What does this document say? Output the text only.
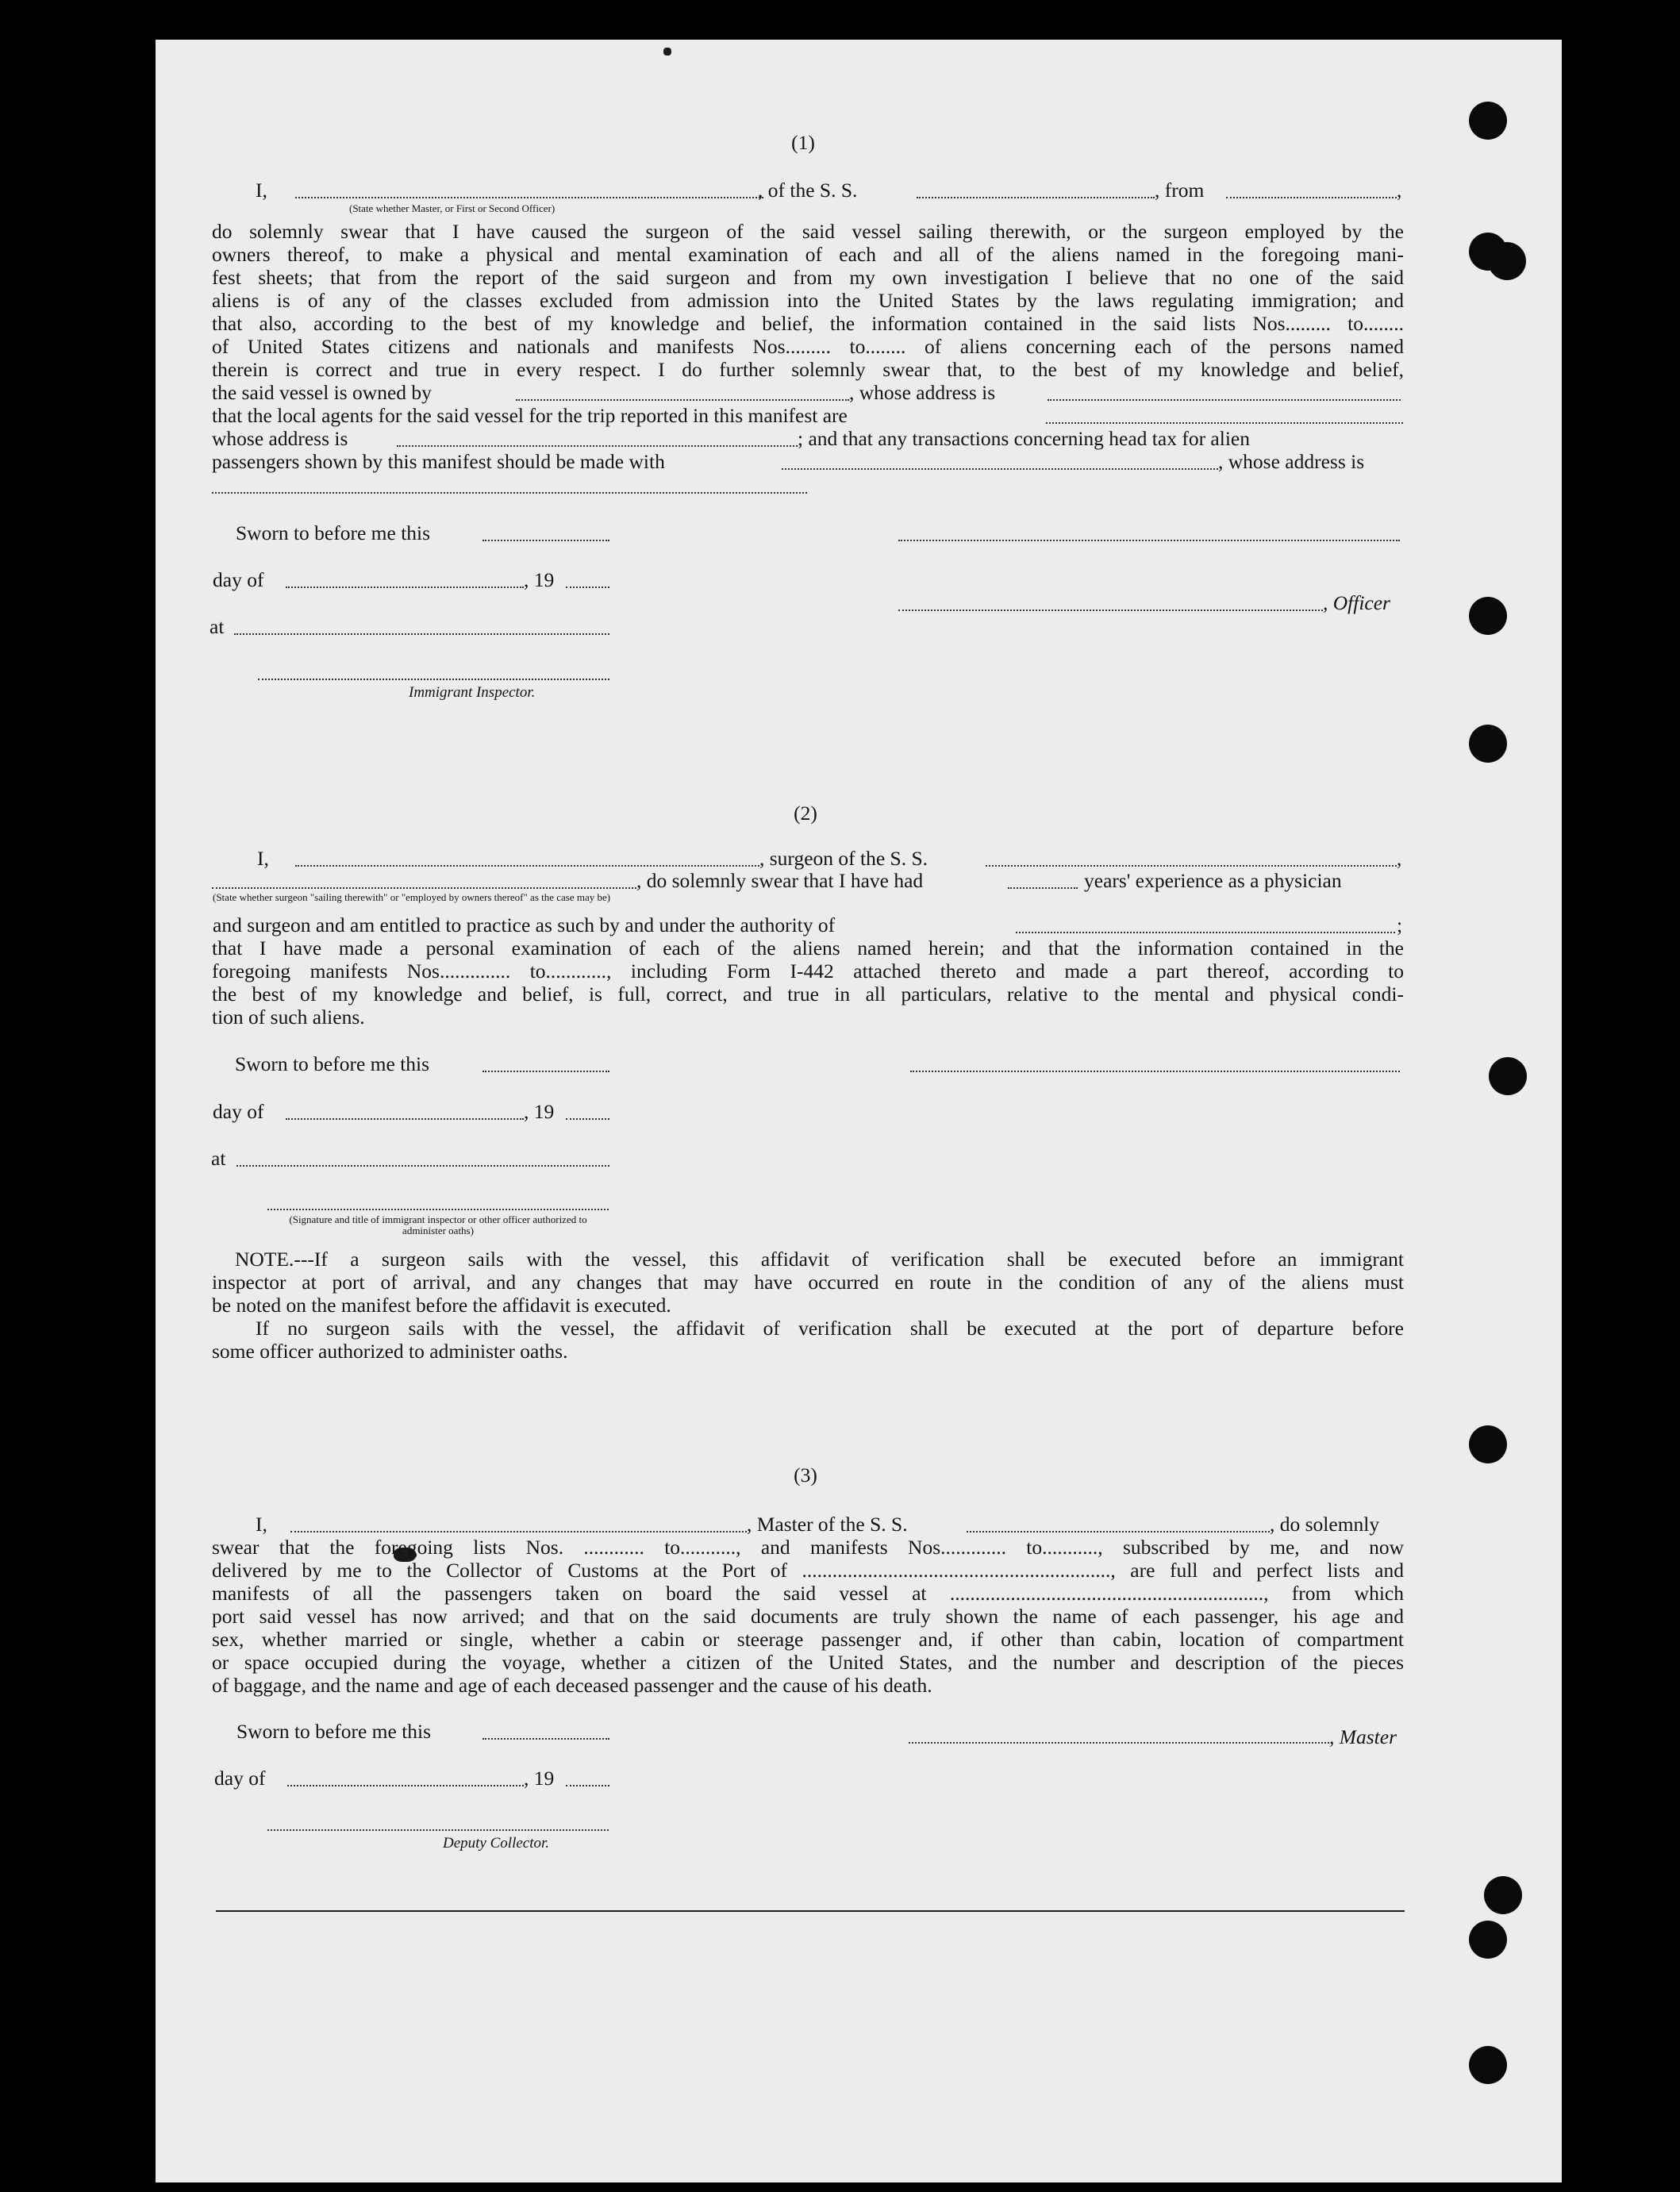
(1)
I,	, of the S. S.	, from	,
(State whether Master, or First or Second Officer)
do solemnly swear that I have caused the surgeon of the said vessel sailing therewith, or the surgeon employed by the
owners thereof, to make a physical and mental examination of each and all of the aliens named in the foregoing mani-
fest sheets; that from the report of the said surgeon and from my own investigation I believe that no one of the said
aliens is of any of the classes excluded from admission into the United States by the laws regulating immigration; and
that also, according to the best of my knowledge and belief, the information contained in the said lists Nos......... to........
of United States citizens and nationals and manifests Nos......... to........ of aliens concerning each of the persons named
therein is correct and true in every respect. I do further solemnly swear that, to the best of my knowledge and belief,
the said vessel is owned by	, whose address is
that the local agents for the said vessel for the trip reported in this manifest are
whose address is	; and that any transactions concerning head tax for alien
passengers shown by this manifest should be made with	, whose address is
Sworn to before me this
day of	, 19
, Officer
at
Immigrant Inspector.
(2)
I,	, surgeon of the S. S.	,
, do solemnly swear that I have had	years' experience as a physician
(State whether surgeon "sailing therewith" or "employed by owners thereof" as the case may be)
and surgeon and am entitled to practice as such by and under the authority of	;
that I have made a personal examination of each of the aliens named herein; and that the information contained in the
foregoing manifests Nos.............. to............, including Form I-442 attached thereto and made a part thereof, according to
the best of my knowledge and belief, is full, correct, and true in all particulars, relative to the mental and physical condi-
tion of such aliens.
Sworn to before me this
day of	, 19
at
(Signature and title of immigrant inspector or other officer authorized to administer oaths)
NOTE.---If a surgeon sails with the vessel, this affidavit of verification shall be executed before an immigrant
inspector at port of arrival, and any changes that may have occurred en route in the condition of any of the aliens must
be noted on the manifest before the affidavit is executed.
If no surgeon sails with the vessel, the affidavit of verification shall be executed at the port of departure before
some officer authorized to administer oaths.
(3)
I,	, Master of the S. S.	, do solemnly
swear that the foregoing lists Nos. ............ to..........., and manifests Nos............. to..........., subscribed by me, and now
delivered by me to the Collector of Customs at the Port of ............................................................., are full and perfect lists and
manifests of all the passengers taken on board the said vessel at .............................................................., from which
port said vessel has now arrived; and that on the said documents are truly shown the name of each passenger, his age and
sex, whether married or single, whether a cabin or steerage passenger and, if other than cabin, location of compartment
or space occupied during the voyage, whether a citizen of the United States, and the number and description of the pieces
of baggage, and the name and age of each deceased passenger and the cause of his death.
Sworn to before me this	, Master
day of	, 19
Deputy Collector.
